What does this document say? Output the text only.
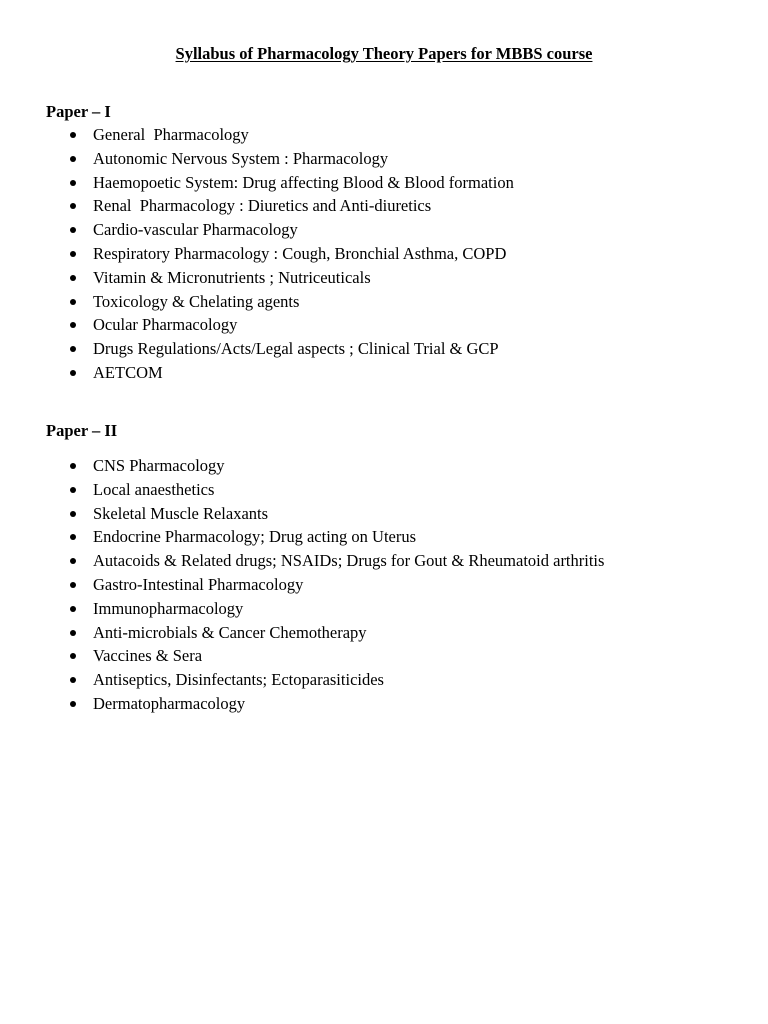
Syllabus of Pharmacology Theory Papers for MBBS course
Paper – I
General  Pharmacology
Autonomic Nervous System : Pharmacology
Haemopoetic System: Drug affecting Blood & Blood formation
Renal  Pharmacology : Diuretics and Anti-diuretics
Cardio-vascular Pharmacology
Respiratory Pharmacology : Cough, Bronchial Asthma, COPD
Vitamin & Micronutrients ; Nutriceuticals
Toxicology & Chelating agents
Ocular Pharmacology
Drugs Regulations/Acts/Legal aspects ; Clinical Trial & GCP
AETCOM
Paper – II
CNS Pharmacology
Local anaesthetics
Skeletal Muscle Relaxants
Endocrine Pharmacology; Drug acting on Uterus
Autacoids & Related drugs; NSAIDs; Drugs for Gout & Rheumatoid arthritis
Gastro-Intestinal Pharmacology
Immunopharmacology
Anti-microbials & Cancer Chemotherapy
Vaccines & Sera
Antiseptics, Disinfectants; Ectoparasiticides
Dermatopharmacology
